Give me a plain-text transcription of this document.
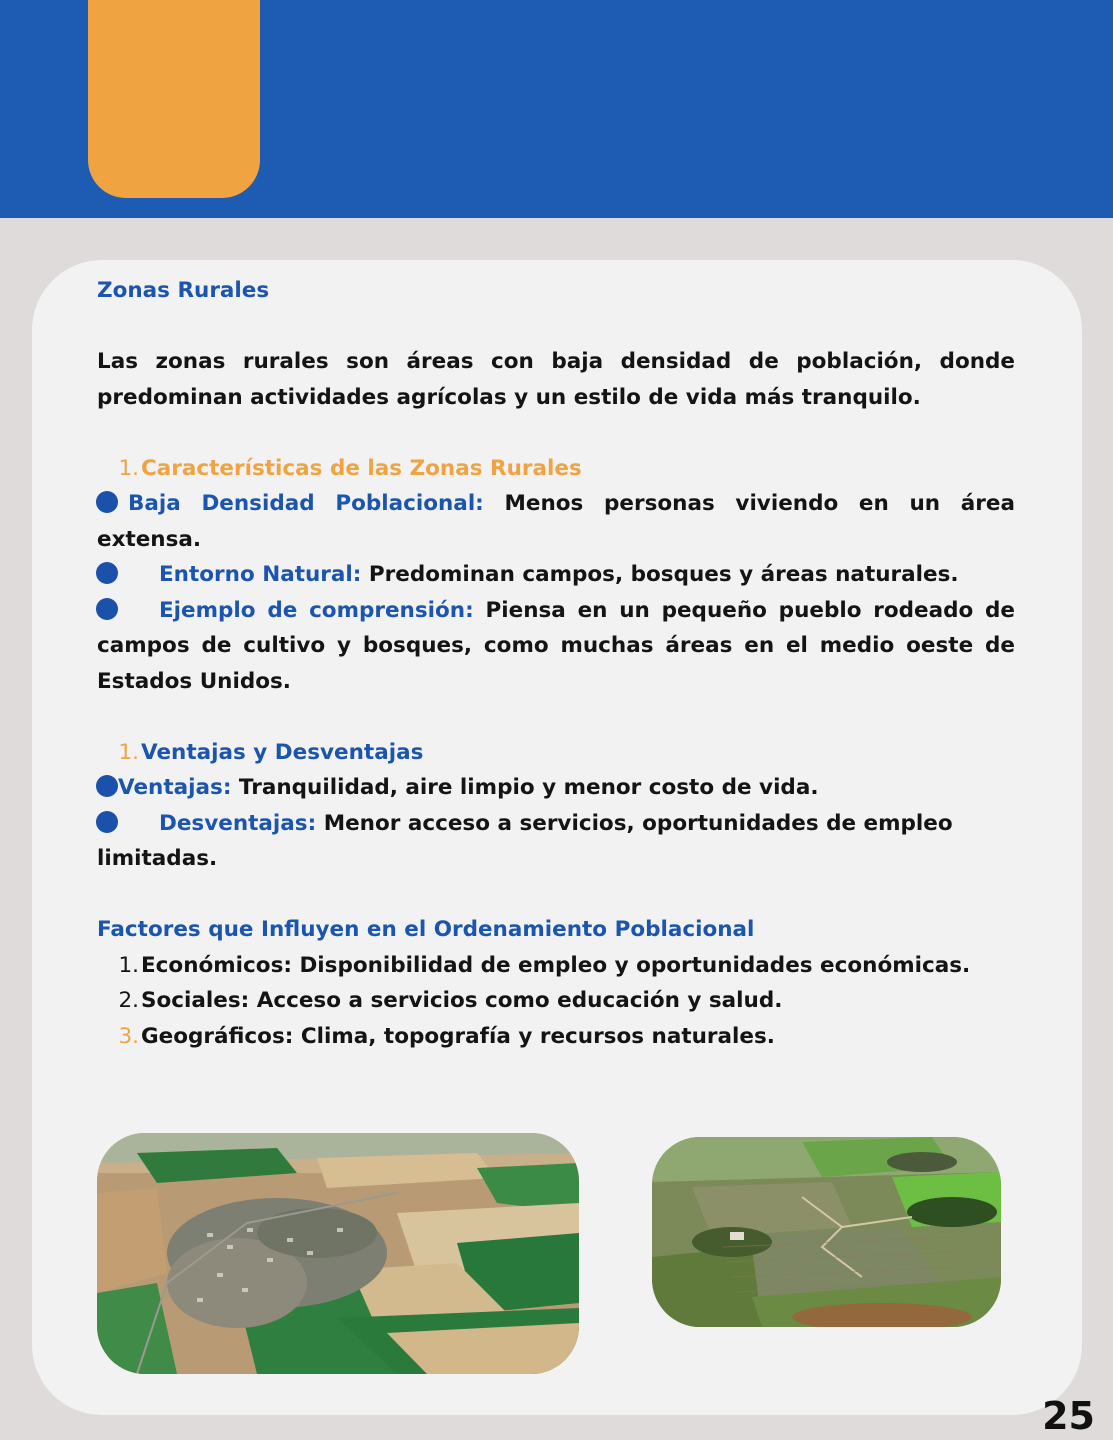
Zonas Rurales

Las zonas rurales son áreas con baja densidad de población, donde predominan actividades agrícolas y un estilo de vida más tranquilo.

1. Características de las Zonas Rurales

Baja Densidad Poblacional: Menos personas viviendo en un área extensa.

Entorno Natural: Predominan campos, bosques y áreas naturales.

Ejemplo de comprensión: Piensa en un pequeño pueblo rodeado de campos de cultivo y bosques, como muchas áreas en el medio oeste de Estados Unidos.

1. Ventajas y Desventajas

Ventajas: Tranquilidad, aire limpio y menor costo de vida.

Desventajas: Menor acceso a servicios, oportunidades de empleo limitadas.

Factores que Influyen en el Ordenamiento Poblacional

1. Económicos: Disponibilidad de empleo y oportunidades económicas.
2. Sociales: Acceso a servicios como educación y salud.
3. Geográficos: Clima, topografía y recursos naturales.
25
